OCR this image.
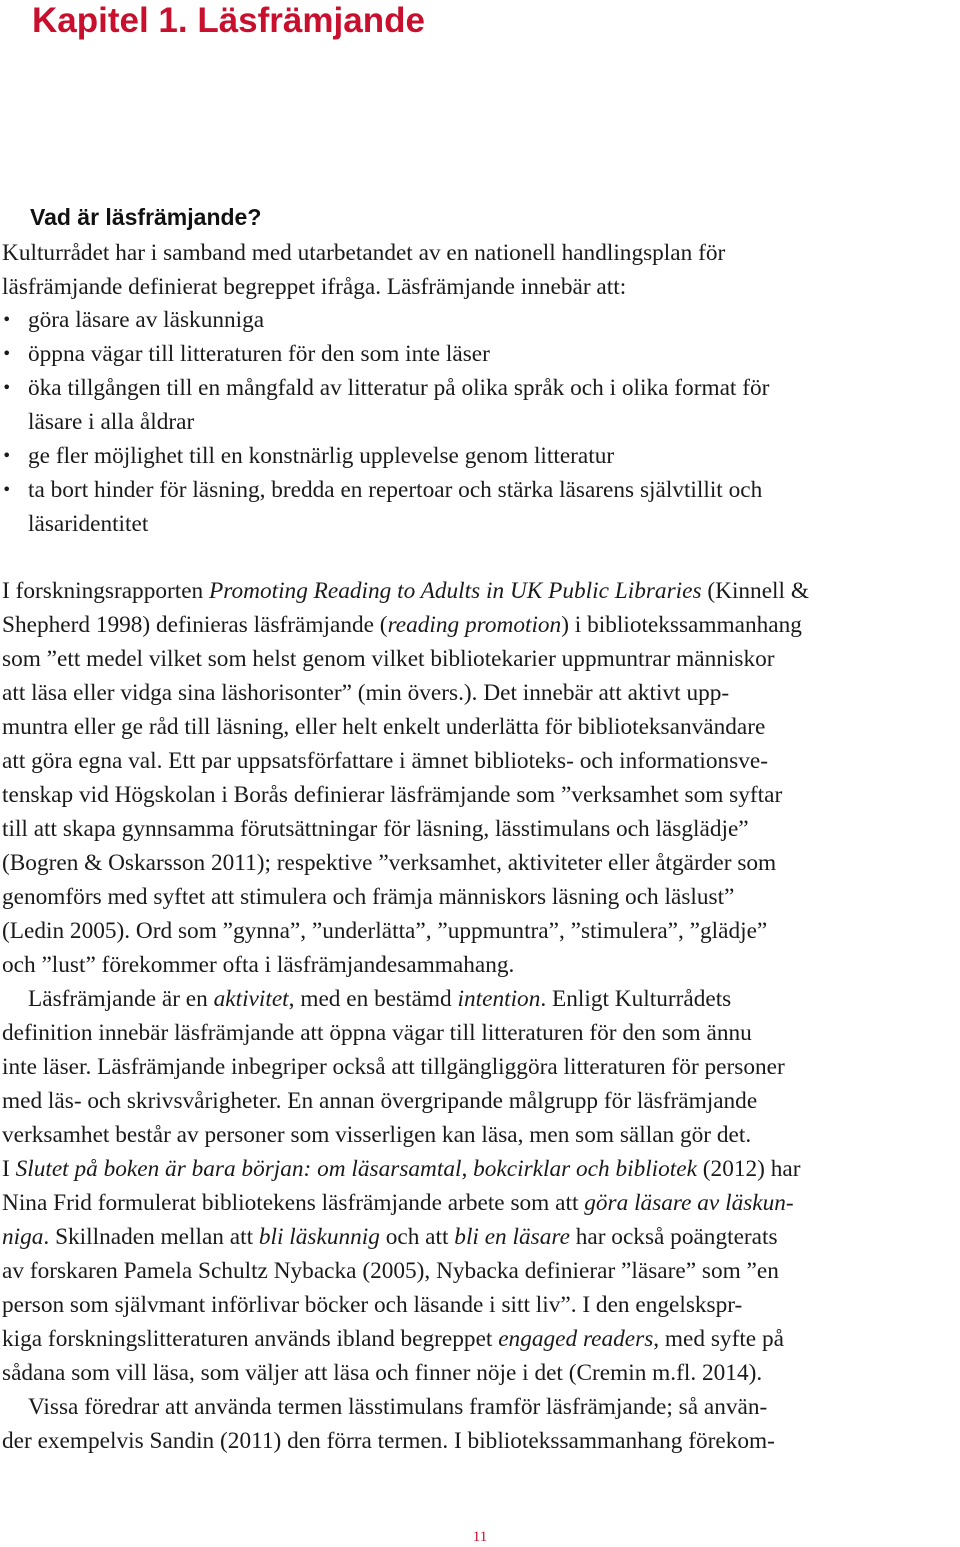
Kapitel 1. Läsfrämjande
Vad är läsfrämjande?
Kulturrådet har i samband med utarbetandet av en nationell handlingsplan för
läsfrämjande definierat begreppet ifråga. Läsfrämjande innebär att:
göra läsare av läskunniga
•
öppna vägar till litteraturen för den som inte läser
•
öka tillgången till en mångfald av litteratur på olika språk och i olika format för
•
läsare i alla åldrar
ge fler möjlighet till en konstnärlig upplevelse genom litteratur
•
ta bort hinder för läsning, bredda en repertoar och stärka läsarens självtillit och
•
läsaridentitet
I forskningsrapporten Promoting Reading to Adults in UK Public Libraries (Kinnell &
Shepherd 1998) definieras läsfrämjande (reading promotion) i bibliotekssammanhang
som ”ett medel vilket som helst genom vilket bibliotekarier uppmuntrar människor
att läsa eller vidga sina läshorisonter” (min övers.). Det innebär att aktivt upp-
muntra eller ge råd till läsning, eller helt enkelt underlätta för biblioteksanvändare
att göra egna val. Ett par uppsatsförfattare i ämnet biblioteks- och informationsve-
tenskap vid Högskolan i Borås definierar läsfrämjande som ”verksamhet som syftar
till att skapa gynnsamma förutsättningar för läsning, lässtimulans och läsglädje”
(Bogren & Oskarsson 2011); respektive ”verksamhet, aktiviteter eller åtgärder som
genomförs med syftet att stimulera och främja människors läsning och läslust”
(Ledin 2005). Ord som ”gynna”, ”underlätta”, ”uppmuntra”, ”stimulera”, ”glädje”
och ”lust” förekommer ofta i läsfrämjandesammahang.
Läsfrämjande är en aktivitet, med en bestämd intention. Enligt Kulturrådets
definition innebär läsfrämjande att öppna vägar till litteraturen för den som ännu
inte läser. Läsfrämjande inbegriper också att tillgängliggöra litteraturen för personer
med läs- och skrivsvårigheter. En annan övergripande målgrupp för läsfrämjande
verksamhet består av personer som visserligen kan läsa, men som sällan gör det.
I Slutet på boken är bara början: om läsarsamtal, bokcirklar och bibliotek (2012) har
Nina Frid formulerat bibliotekens läsfrämjande arbete som att göra läsare av läskun-
niga. Skillnaden mellan att bli läskunnig och att bli en läsare har också poängterats
av forskaren Pamela Schultz Nybacka (2005), Nybacka definierar ”läsare” som ”en
person som självmant införlivar böcker och läsande i sitt liv”. I den engelskspr-
kiga forskningslitteraturen används ibland begreppet engaged readers, med syfte på
sådana som vill läsa, som väljer att läsa och finner nöje i det (Cremin m.fl. 2014).
Vissa föredrar att använda termen lässtimulans framför läsfrämjande; så använ-
der exempelvis Sandin (2011) den förra termen. I bibliotekssammanhang förekom-
11
